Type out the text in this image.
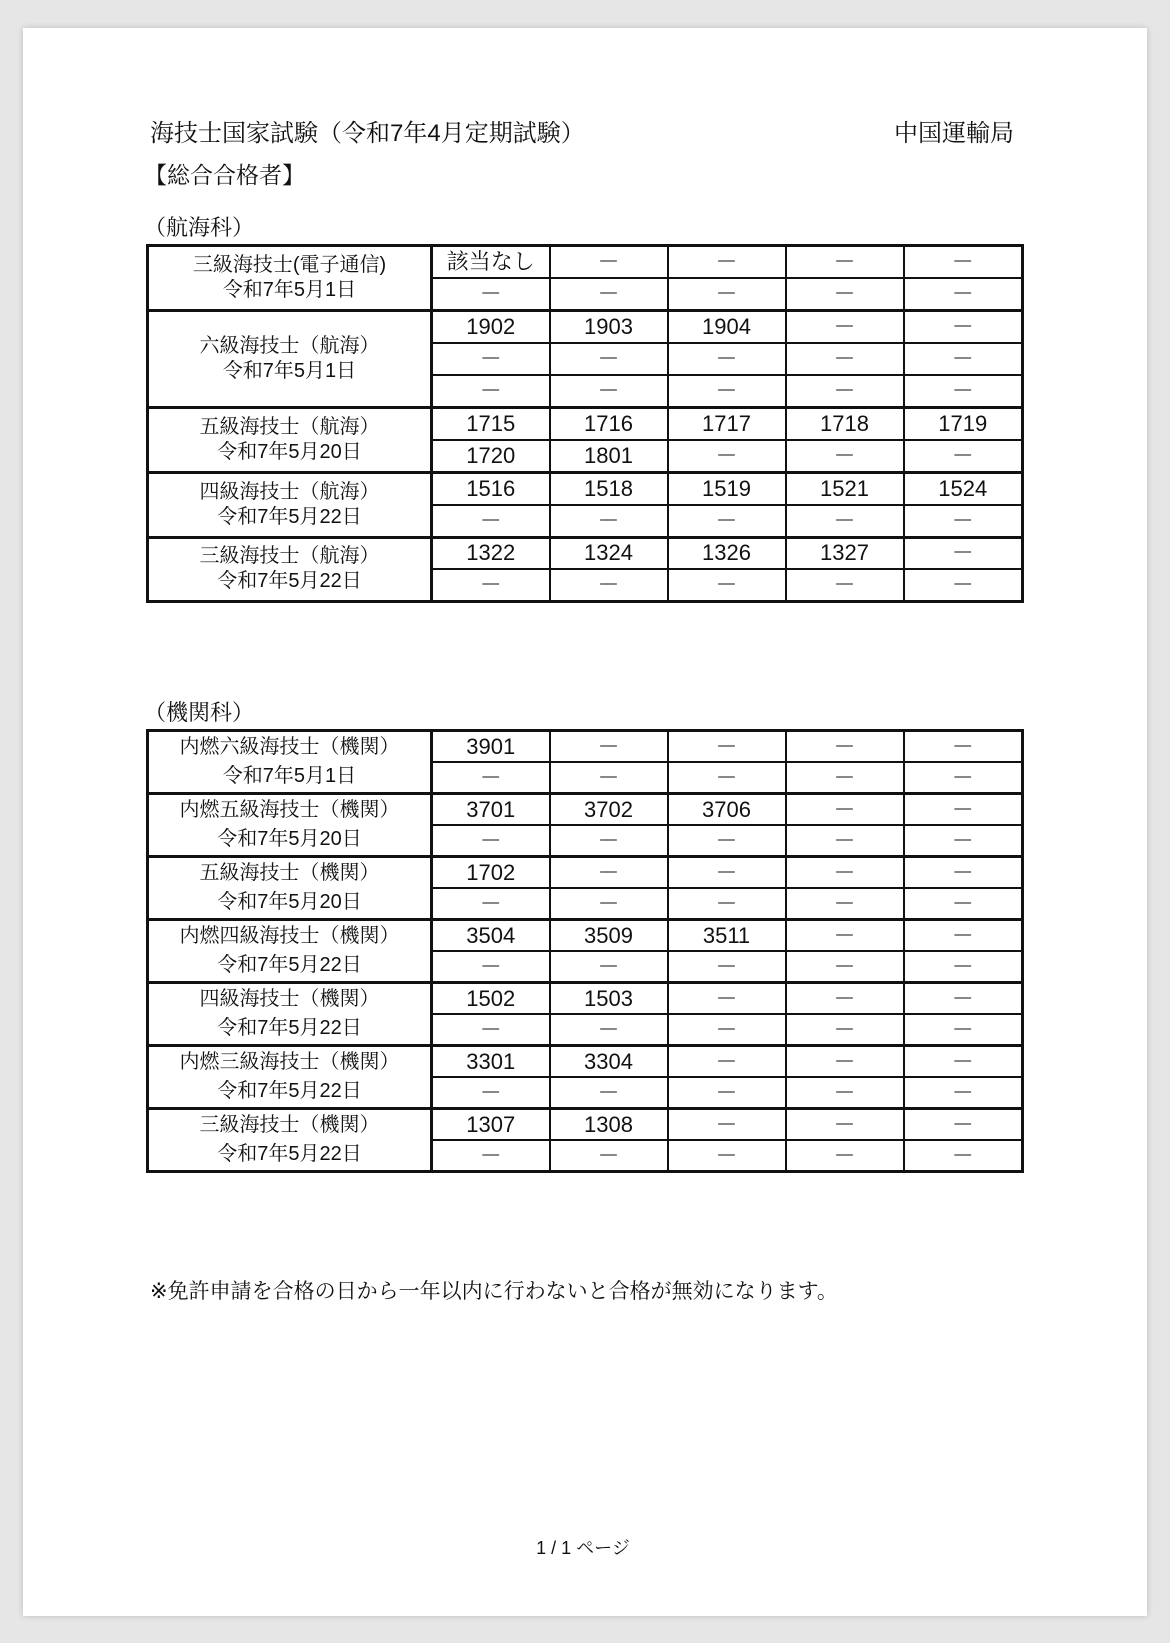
海技士国家試験（令和7年4月定期試験）	中国運輸局
【総合合格者】
（航海科）
三級海技士(電子通信)
令和7年5月1日	該当なし	－	－	－	－
	－	－	－	－	－

六級海技士（航海）
令和7年5月1日	1902	1903	1904	－	－
	－	－	－	－	－
	－	－	－	－	－

五級海技士（航海）
令和7年5月20日	1715	1716	1717	1718	1719
	1720	1801	－	－	－

四級海技士（航海）
令和7年5月22日	1516	1518	1519	1521	1524
	－	－	－	－	－

三級海技士（航海）
令和7年5月22日	1322	1324	1326	1327	－
	－	－	－	－	－
（機関科）
内燃六級海技士（機関）
令和7年5月1日	3901	－	－	－	－
	－	－	－	－	－

内燃五級海技士（機関）
令和7年5月20日	3701	3702	3706	－	－
	－	－	－	－	－

五級海技士（機関）
令和7年5月20日	1702	－	－	－	－
	－	－	－	－	－

内燃四級海技士（機関）
令和7年5月22日	3504	3509	3511	－	－
	－	－	－	－	－

四級海技士（機関）
令和7年5月22日	1502	1503	－	－	－
	－	－	－	－	－

内燃三級海技士（機関）
令和7年5月22日	3301	3304	－	－	－
	－	－	－	－	－

三級海技士（機関）
令和7年5月22日	1307	1308	－	－	－
	－	－	－	－	－
※免許申請を合格の日から一年以内に行わないと合格が無効になります。
1 / 1 ページ
